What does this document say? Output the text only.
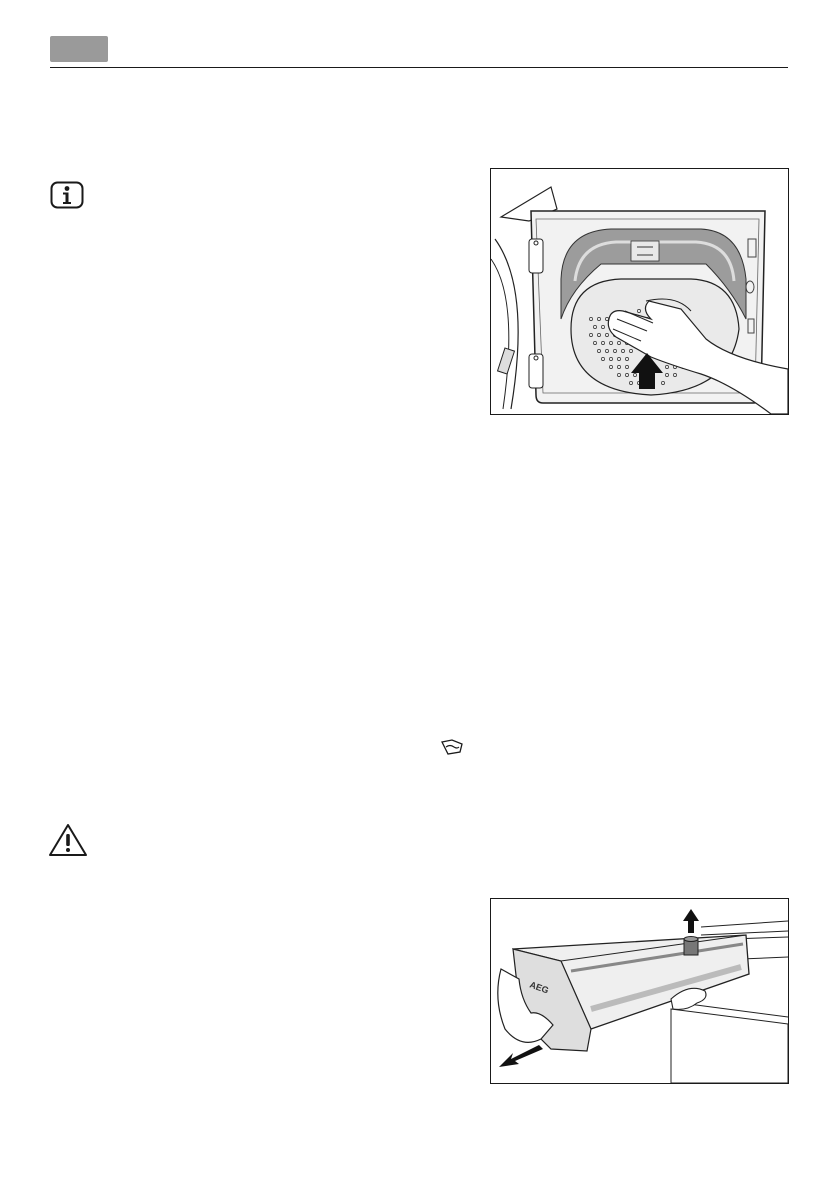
AEG
